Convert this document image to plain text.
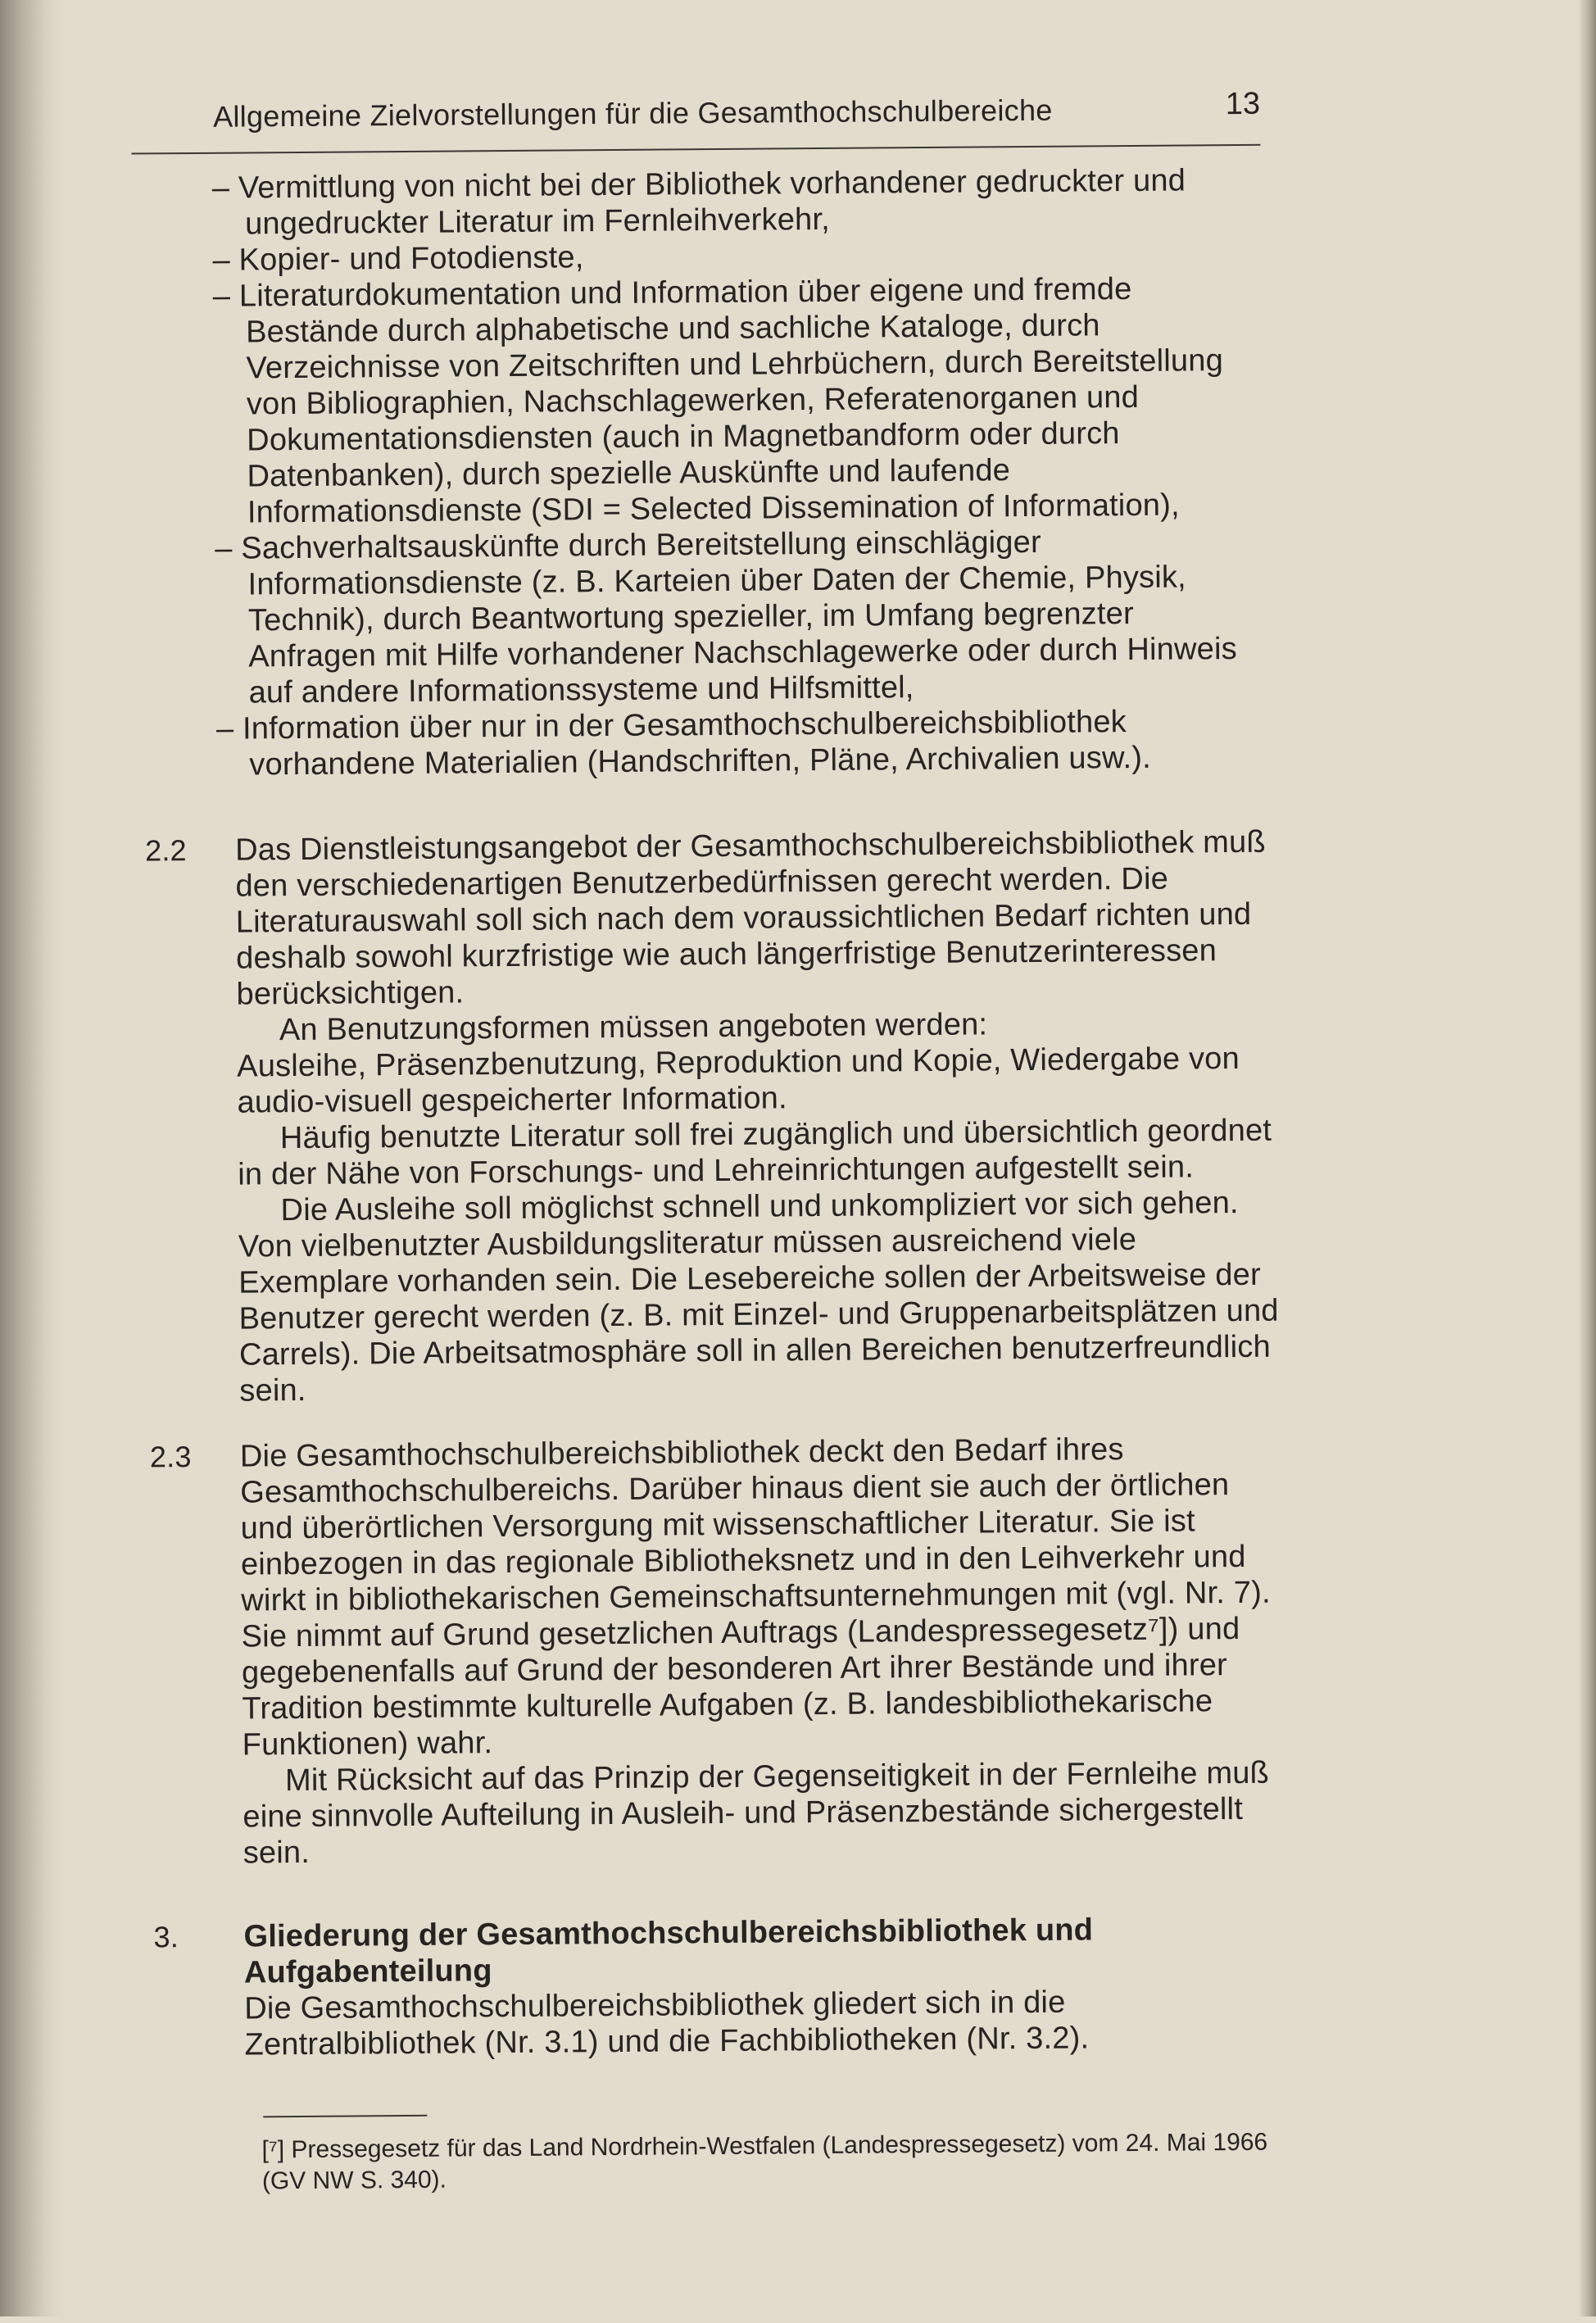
Allgemeine Zielvorstellungen für die Gesamthochschulbereiche	13
– Vermittlung von nicht bei der Bibliothek vorhandener gedruckter und ungedruckter Literatur im Fernleihverkehr,
– Kopier- und Fotodienste,
– Literaturdokumentation und Information über eigene und fremde Bestände durch alphabetische und sachliche Kataloge, durch Verzeichnisse von Zeitschriften und Lehrbüchern, durch Bereitstellung von Bibliographien, Nachschlagewerken, Referatenorganen und Dokumentationsdiensten (auch in Magnetbandform oder durch Datenbanken), durch spezielle Auskünfte und laufende Informationsdienste (SDI = Selected Dissemination of Information),
– Sachverhaltsauskünfte durch Bereitstellung einschlägiger Informationsdienste (z. B. Karteien über Daten der Chemie, Physik, Technik), durch Beantwortung spezieller, im Umfang begrenzter Anfragen mit Hilfe vorhandener Nachschlagewerke oder durch Hinweis auf andere Informationssysteme und Hilfsmittel,
– Information über nur in der Gesamthochschulbereichsbibliothek vorhandene Materialien (Handschriften, Pläne, Archivalien usw.).
2.2	Das Dienstleistungsangebot der Gesamthochschulbereichsbibliothek muß den verschiedenartigen Benutzerbedürfnissen gerecht werden. Die Literaturauswahl soll sich nach dem voraussichtlichen Bedarf richten und deshalb sowohl kurzfristige wie auch längerfristige Benutzerinteressen berücksichtigen.

An Benutzungsformen müssen angeboten werden:

Ausleihe, Präsenzbenutzung, Reproduktion und Kopie, Wiedergabe von audio-visuell gespeicherter Information.

Häufig benutzte Literatur soll frei zugänglich und übersichtlich geordnet in der Nähe von Forschungs- und Lehreinrichtungen aufgestellt sein.

Die Ausleihe soll möglichst schnell und unkompliziert vor sich gehen. Von vielbenutzter Ausbildungsliteratur müssen ausreichend viele Exemplare vorhanden sein. Die Lesebereiche sollen der Arbeitsweise der Benutzer gerecht werden (z. B. mit Einzel- und Gruppenarbeitsplätzen und Carrels). Die Arbeitsatmosphäre soll in allen Bereichen benutzerfreundlich sein.

2.3	Die Gesamthochschulbereichsbibliothek deckt den Bedarf ihres Gesamthochschulbereichs. Darüber hinaus dient sie auch der örtlichen und überörtlichen Versorgung mit wissenschaftlicher Literatur. Sie ist einbezogen in das regionale Bibliotheksnetz und in den Leihverkehr und wirkt in bibliothekarischen Gemeinschaftsunternehmungen mit (vgl. Nr. 7). Sie nimmt auf Grund gesetzlichen Auftrags (Landespressegesetz⁷]) und gegebenenfalls auf Grund der besonderen Art ihrer Bestände und ihrer Tradition bestimmte kulturelle Aufgaben (z. B. landesbibliothekarische Funktionen) wahr.

Mit Rücksicht auf das Prinzip der Gegenseitigkeit in der Fernleihe muß eine sinnvolle Aufteilung in Ausleih- und Präsenzbestände sichergestellt sein.

3.	Gliederung der Gesamthochschulbereichsbibliothek und Aufgabenteilung

Die Gesamthochschulbereichsbibliothek gliedert sich in die Zentralbibliothek (Nr. 3.1) und die Fachbibliotheken (Nr. 3.2).

[⁷] Pressegesetz für das Land Nordrhein-Westfalen (Landespressegesetz) vom 24. Mai 1966 (GV NW S. 340).
